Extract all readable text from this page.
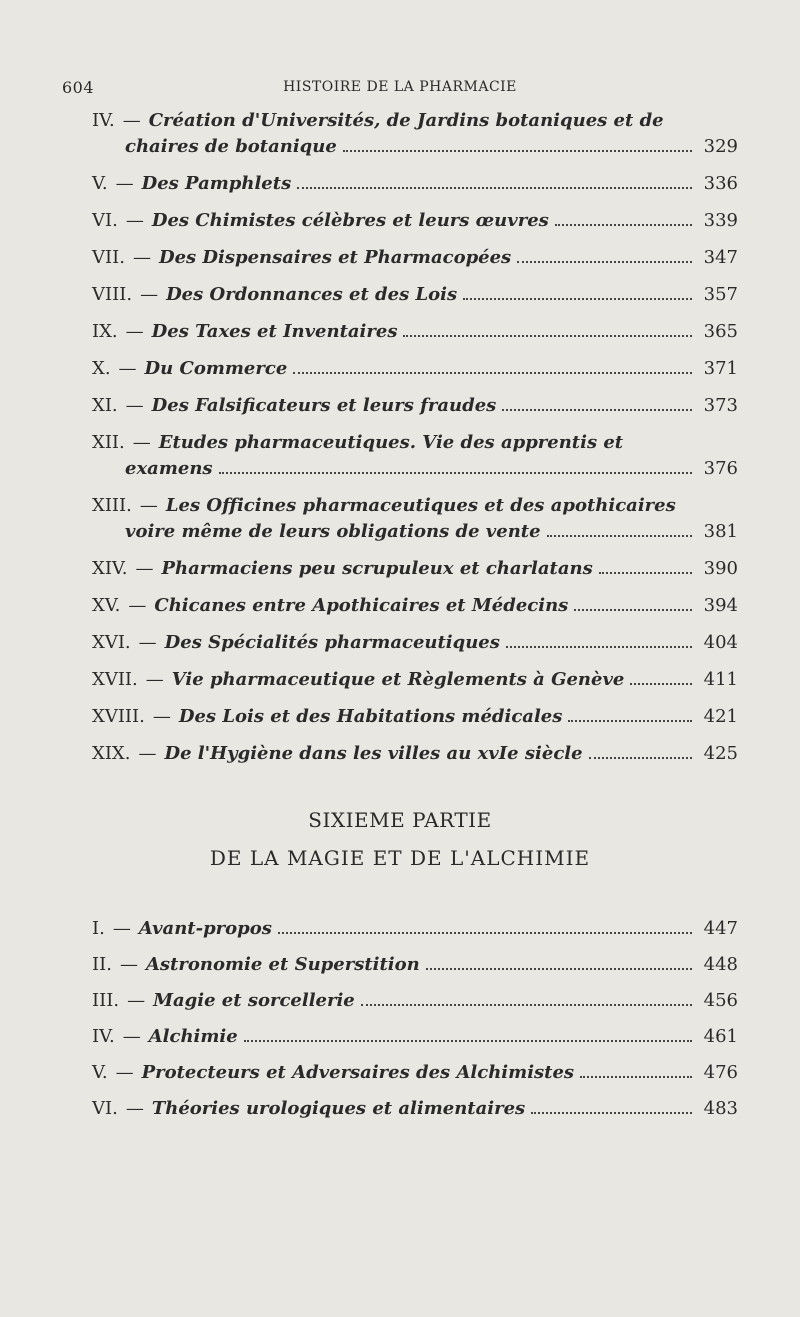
604	HISTOIRE DE LA PHARMACIE
IV. — Création d'Universités, de Jardins botaniques et de
chaires de botanique	329
V. — Des Pamphlets	336
VI. — Des Chimistes célèbres et leurs œuvres	339
VII. — Des Dispensaires et Pharmacopées	347
VIII. — Des Ordonnances et des Lois	357
IX. — Des Taxes et Inventaires	365
X. — Du Commerce	371
XI. — Des Falsificateurs et leurs fraudes	373
XII. — Etudes pharmaceutiques. Vie des apprentis et
examens	376
XIII. — Les Officines pharmaceutiques et des apothicaires
voire même de leurs obligations de vente	381
XIV. — Pharmaciens peu scrupuleux et charlatans	390
XV. — Chicanes entre Apothicaires et Médecins	394
XVI. — Des Spécialités pharmaceutiques	404
XVII. — Vie pharmaceutique et Règlements à Genève	411
XVIII. — Des Lois et des Habitations médicales	421
XIX. — De l'Hygiène dans les villes au xvIe siècle	425
SIXIEME PARTIE
DE LA MAGIE ET DE L'ALCHIMIE
I. — Avant-propos	447
II. — Astronomie et Superstition	448
III. — Magie et sorcellerie	456
IV. — Alchimie	461
V. — Protecteurs et Adversaires des Alchimistes	476
VI. — Théories urologiques et alimentaires	483
